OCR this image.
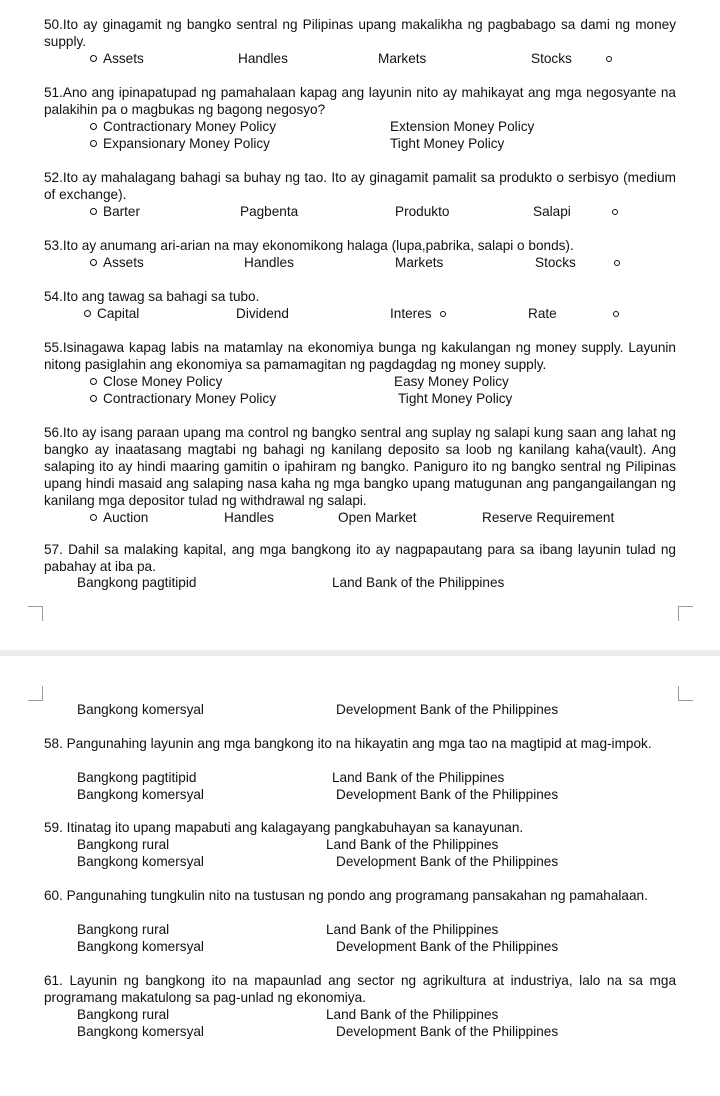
50.Ito ay ginagamit ng bangko sentral ng Pilipinas upang makalikha ng pagbabago sa dami ng money supply.
Assets	Handles	Markets	Stocks
51.Ano ang ipinapatupad ng pamahalaan kapag ang layunin nito ay mahikayat ang mga negosyante na palakihin pa o magbukas ng bagong negosyo?
Contractionary Money Policy	Extension Money Policy
Expansionary Money Policy	Tight Money Policy
52.Ito ay mahalagang bahagi sa buhay ng tao. Ito ay ginagamit pamalit sa produkto o serbisyo (medium of exchange).
Barter	Pagbenta	Produkto	Salapi
53.Ito ay anumang ari-arian na may ekonomikong halaga (lupa,pabrika, salapi o bonds).
Assets	Handles	Markets	Stocks
54.Ito ang tawag sa bahagi sa tubo.
Capital	Dividend	Interes	Rate
55.Isinagawa kapag labis na matamlay na ekonomiya bunga ng kakulangan ng money supply. Layunin nitong pasiglahin ang ekonomiya sa pamamagitan ng pagdagdag ng money supply.
Close Money Policy	Easy Money Policy
Contractionary Money Policy	Tight Money Policy
56.Ito ay isang paraan upang ma control ng bangko sentral ang suplay ng salapi kung saan ang lahat ng bangko ay inaatasang magtabi ng bahagi ng kanilang deposito sa loob ng kanilang kaha(vault). Ang salaping ito ay hindi maaring gamitin o ipahiram ng bangko. Paniguro ito ng bangko sentral ng Pilipinas upang hindi masaid ang salaping nasa kaha ng mga bangko upang matugunan ang pangangailangan ng kanilang mga depositor tulad ng withdrawal ng salapi.
Auction	Handles	Open Market	Reserve Requirement
57. Dahil sa malaking kapital, ang mga bangkong ito ay nagpapautang para sa ibang layunin tulad ng pabahay at iba pa.
Bangkong pagtitipid	Land Bank of the Philippines
Bangkong komersyal	Development Bank of the Philippines
58. Pangunahing layunin ang mga bangkong ito na hikayatin ang mga tao na magtipid at mag-impok.
Bangkong pagtitipid	Land Bank of the Philippines
Bangkong komersyal	Development Bank of the Philippines
59. Itinatag ito upang mapabuti ang kalagayang pangkabuhayan sa kanayunan.
Bangkong rural	Land Bank of the Philippines
Bangkong komersyal	Development Bank of the Philippines
60. Pangunahing tungkulin nito na tustusan ng pondo ang programang pansakahan ng pamahalaan.
Bangkong rural	Land Bank of the Philippines
Bangkong komersyal	Development Bank of the Philippines
61. Layunin ng bangkong ito na mapaunlad ang sector ng agrikultura at industriya, lalo na sa mga programang makatulong sa pag-unlad ng ekonomiya.
Bangkong rural	Land Bank of the Philippines
Bangkong komersyal	Development Bank of the Philippines
